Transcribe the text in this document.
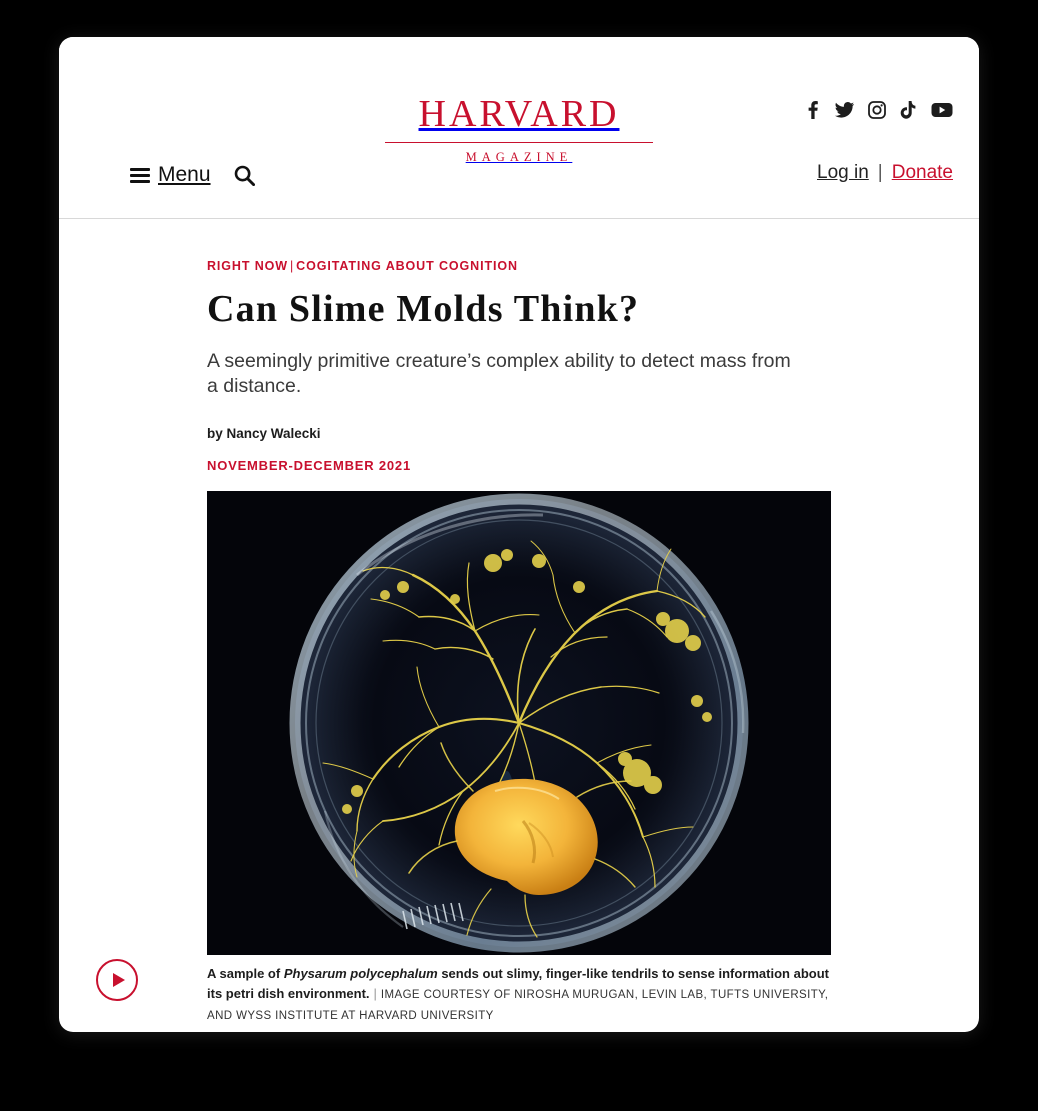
HARVARD
MAGAZINE
Log in | Donate
Menu
RIGHT NOW | COGITATING ABOUT COGNITION
Can Slime Molds Think?

A seemingly primitive creature’s complex ability to detect mass from a distance.

by Nancy Walecki
NOVEMBER-DECEMBER 2021
A sample of Physarum polycephalum sends out slimy, finger-like tendrils to sense information about its petri dish environment. | IMAGE COURTESY OF NIROSHA MURUGAN, LEVIN LAB, TUFTS UNIVERSITY, AND WYSS INSTITUTE AT HARVARD UNIVERSITY
